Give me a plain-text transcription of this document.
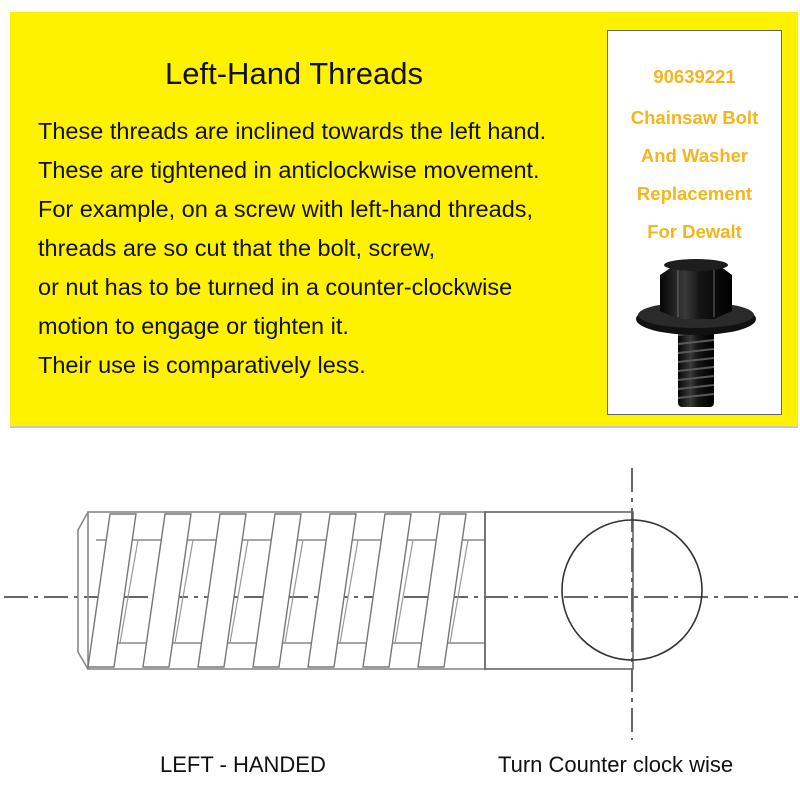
Left-Hand Threads
These threads are inclined towards the left hand.
These are tightened in anticlockwise movement.
For example, on a screw with left-hand threads,
threads are so cut that the bolt, screw,
or nut has to be turned in a counter-clockwise
motion to engage or tighten it.
Their use is comparatively less.
90639221
Chainsaw Bolt
And Washer
Replacement
For Dewalt
LEFT - HANDED	Turn Counter clock wise
